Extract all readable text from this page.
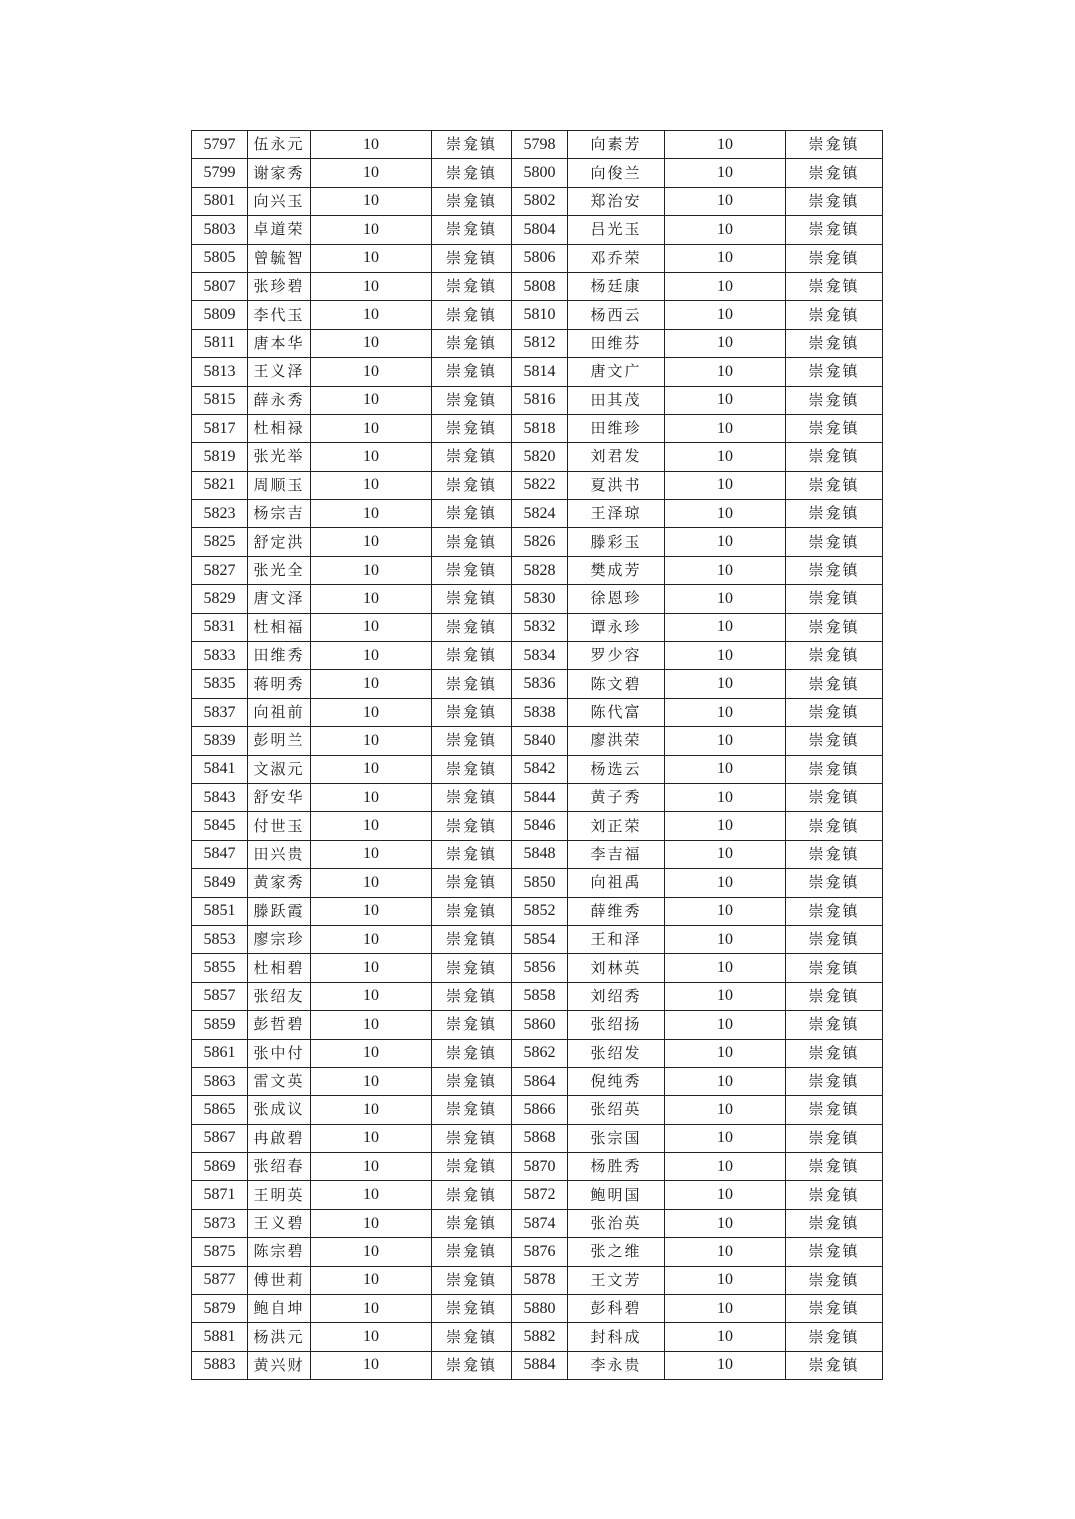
5797	伍永元	10	崇龛镇	5798	向素芳	10	崇龛镇
5799	谢家秀	10	崇龛镇	5800	向俊兰	10	崇龛镇
5801	向兴玉	10	崇龛镇	5802	郑治安	10	崇龛镇
5803	卓道荣	10	崇龛镇	5804	吕光玉	10	崇龛镇
5805	曾毓智	10	崇龛镇	5806	邓乔荣	10	崇龛镇
5807	张珍碧	10	崇龛镇	5808	杨廷康	10	崇龛镇
5809	李代玉	10	崇龛镇	5810	杨西云	10	崇龛镇
5811	唐本华	10	崇龛镇	5812	田维芬	10	崇龛镇
5813	王义泽	10	崇龛镇	5814	唐文广	10	崇龛镇
5815	薛永秀	10	崇龛镇	5816	田其茂	10	崇龛镇
5817	杜相禄	10	崇龛镇	5818	田维珍	10	崇龛镇
5819	张光举	10	崇龛镇	5820	刘君发	10	崇龛镇
5821	周顺玉	10	崇龛镇	5822	夏洪书	10	崇龛镇
5823	杨宗吉	10	崇龛镇	5824	王泽琼	10	崇龛镇
5825	舒定洪	10	崇龛镇	5826	滕彩玉	10	崇龛镇
5827	张光全	10	崇龛镇	5828	樊成芳	10	崇龛镇
5829	唐文泽	10	崇龛镇	5830	徐恩珍	10	崇龛镇
5831	杜相福	10	崇龛镇	5832	谭永珍	10	崇龛镇
5833	田维秀	10	崇龛镇	5834	罗少容	10	崇龛镇
5835	蒋明秀	10	崇龛镇	5836	陈文碧	10	崇龛镇
5837	向祖前	10	崇龛镇	5838	陈代富	10	崇龛镇
5839	彭明兰	10	崇龛镇	5840	廖洪荣	10	崇龛镇
5841	文淑元	10	崇龛镇	5842	杨选云	10	崇龛镇
5843	舒安华	10	崇龛镇	5844	黄子秀	10	崇龛镇
5845	付世玉	10	崇龛镇	5846	刘正荣	10	崇龛镇
5847	田兴贵	10	崇龛镇	5848	李吉福	10	崇龛镇
5849	黄家秀	10	崇龛镇	5850	向祖禹	10	崇龛镇
5851	滕跃霞	10	崇龛镇	5852	薛维秀	10	崇龛镇
5853	廖宗珍	10	崇龛镇	5854	王和泽	10	崇龛镇
5855	杜相碧	10	崇龛镇	5856	刘林英	10	崇龛镇
5857	张绍友	10	崇龛镇	5858	刘绍秀	10	崇龛镇
5859	彭哲碧	10	崇龛镇	5860	张绍扬	10	崇龛镇
5861	张中付	10	崇龛镇	5862	张绍发	10	崇龛镇
5863	雷文英	10	崇龛镇	5864	倪纯秀	10	崇龛镇
5865	张成议	10	崇龛镇	5866	张绍英	10	崇龛镇
5867	冉啟碧	10	崇龛镇	5868	张宗国	10	崇龛镇
5869	张绍春	10	崇龛镇	5870	杨胜秀	10	崇龛镇
5871	王明英	10	崇龛镇	5872	鲍明国	10	崇龛镇
5873	王义碧	10	崇龛镇	5874	张治英	10	崇龛镇
5875	陈宗碧	10	崇龛镇	5876	张之维	10	崇龛镇
5877	傅世莉	10	崇龛镇	5878	王文芳	10	崇龛镇
5879	鲍自坤	10	崇龛镇	5880	彭科碧	10	崇龛镇
5881	杨洪元	10	崇龛镇	5882	封科成	10	崇龛镇
5883	黄兴财	10	崇龛镇	5884	李永贵	10	崇龛镇
